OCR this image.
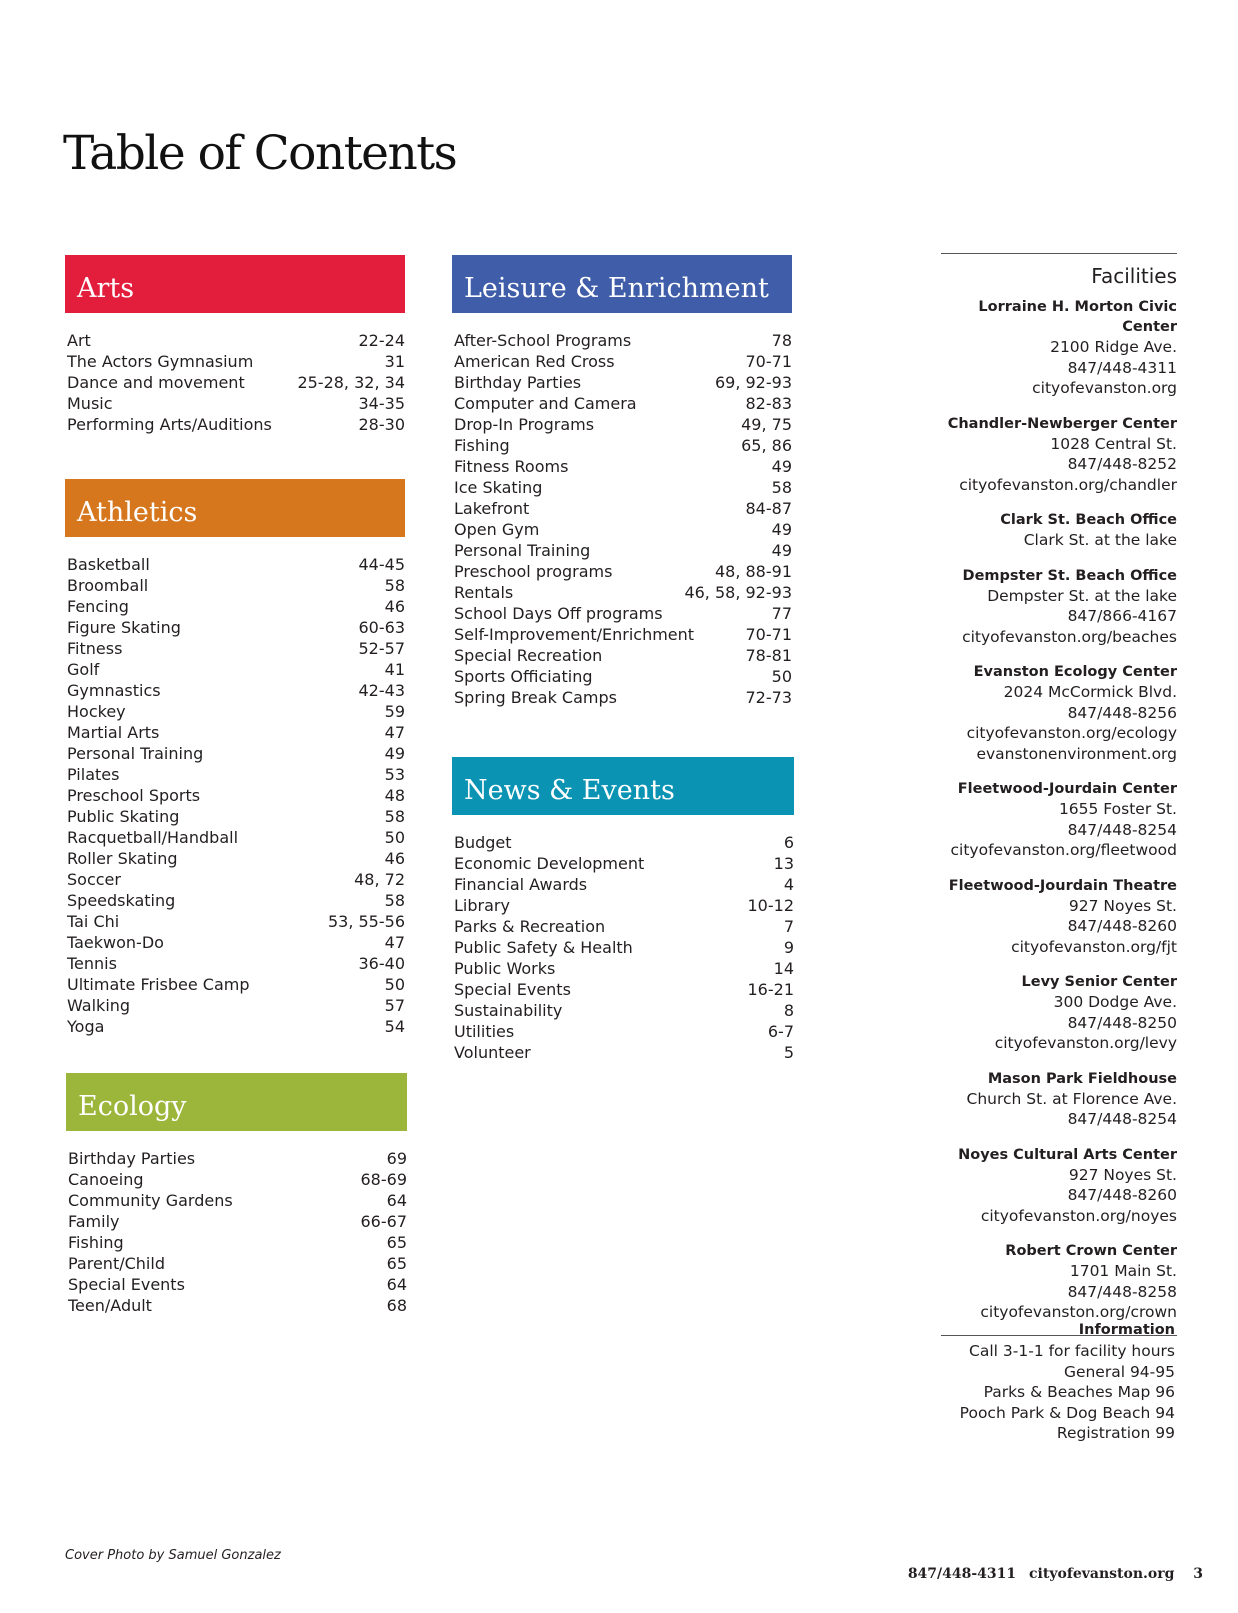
Table of Contents
Arts
Art	22-24
The Actors Gymnasium	31
Dance and movement	25-28, 32, 34
Music	34-35
Performing Arts/Auditions	28-30
Athletics
Basketball	44-45
Broomball	58
Fencing	46
Figure Skating	60-63
Fitness	52-57
Golf	41
Gymnastics	42-43
Hockey	59
Martial Arts	47
Personal Training	49
Pilates	53
Preschool Sports	48
Public Skating	58
Racquetball/Handball	50
Roller Skating	46
Soccer	48, 72
Speedskating	58
Tai Chi	53, 55-56
Taekwon-Do	47
Tennis	36-40
Ultimate Frisbee Camp	50
Walking	57
Yoga	54
Ecology
Birthday Parties	69
Canoeing	68-69
Community Gardens	64
Family	66-67
Fishing	65
Parent/Child	65
Special Events	64
Teen/Adult	68
Leisure & Enrichment
After-School Programs	78
American Red Cross	70-71
Birthday Parties	69, 92-93
Computer and Camera	82-83
Drop-In Programs	49, 75
Fishing	65, 86
Fitness Rooms	49
Ice Skating	58
Lakefront	84-87
Open Gym	49
Personal Training	49
Preschool programs	48, 88-91
Rentals	46, 58, 92-93
School Days Off programs	77
Self-Improvement/Enrichment	70-71
Special Recreation	78-81
Sports Officiating	50
Spring Break Camps	72-73
News & Events
Budget	6
Economic Development	13
Financial Awards	4
Library	10-12
Parks & Recreation	7
Public Safety & Health	9
Public Works	14
Special Events	16-21
Sustainability	8
Utilities	6-7
Volunteer	5
Facilities
Lorraine H. Morton Civic Center
2100 Ridge Ave.
847/448-4311
cityofevanston.org
Chandler-Newberger Center
1028 Central St.
847/448-8252
cityofevanston.org/chandler
Clark St. Beach Office
Clark St. at the lake
Dempster St. Beach Office
Dempster St. at the lake
847/866-4167
cityofevanston.org/beaches
Evanston Ecology Center
2024 McCormick Blvd.
847/448-8256
cityofevanston.org/ecology
evanstonenvironment.org
Fleetwood-Jourdain Center
1655 Foster St.
847/448-8254
cityofevanston.org/fleetwood
Fleetwood-Jourdain Theatre
927 Noyes St.
847/448-8260
cityofevanston.org/fjt
Levy Senior Center
300 Dodge Ave.
847/448-8250
cityofevanston.org/levy
Mason Park Fieldhouse
Church St. at Florence Ave.
847/448-8254
Noyes Cultural Arts Center
927 Noyes St.
847/448-8260
cityofevanston.org/noyes
Robert Crown Center
1701 Main St.
847/448-8258
cityofevanston.org/crown
Information
Call 3-1-1 for facility hours
General 94-95
Parks & Beaches Map 96
Pooch Park & Dog Beach 94
Registration 99
Cover Photo by Samuel Gonzalez
847/448-4311 cityofevanston.org 3
